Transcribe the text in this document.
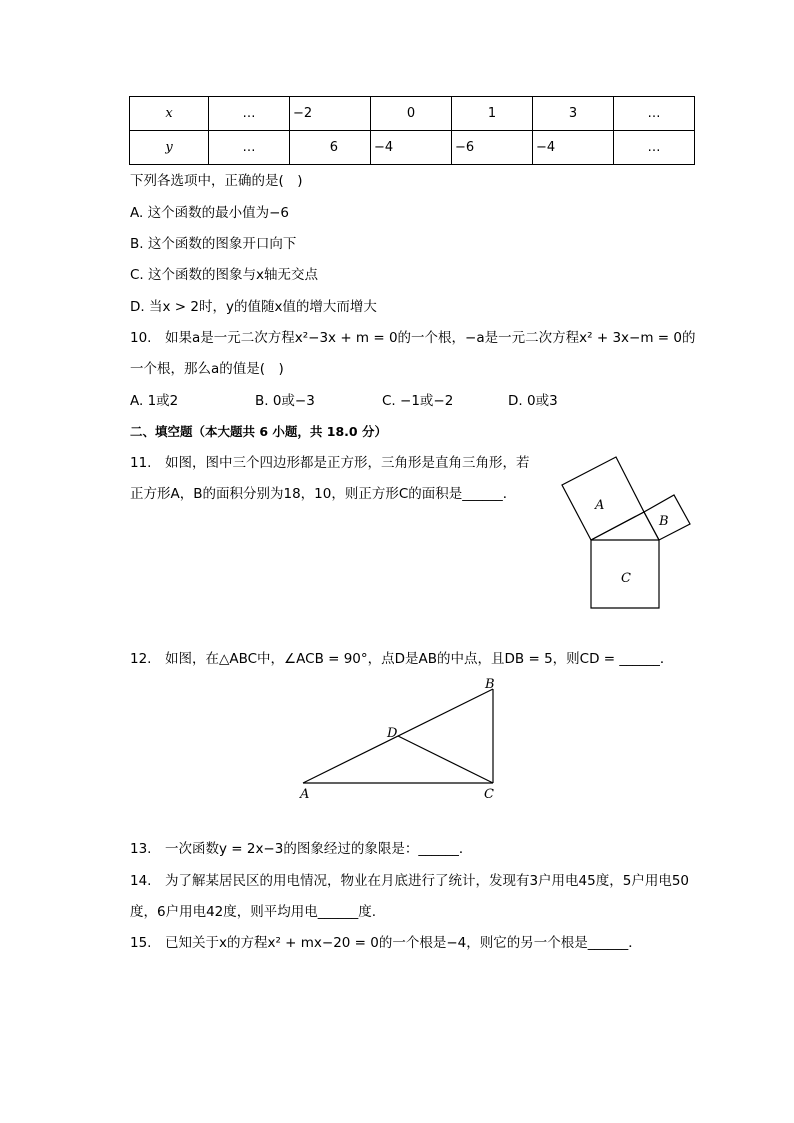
x	…	−2	0	1	3	…
y	…	6	−4	−6	−4	…
下列各选项中，正确的是(　)
A. 这个函数的最小值为−6
B. 这个函数的图象开口向下
C. 这个函数的图象与x轴无交点
D. 当x > 2时，y的值随x值的增大而增大
10.　如果a是一元二次方程x²−3x + m = 0的一个根，−a是一元二次方程x² + 3x−m = 0的
一个根，那么a的值是(　)
A. 1或2	B. 0或−3	C. −1或−2	D. 0或3
二、填空题（本大题共 6 小题，共 18.0 分）
11.　如图，图中三个四边形都是正方形，三角形是直角三角形，若
正方形A，B的面积分别为18，10，则正方形C的面积是______．
A
B
C
12.　如图，在△ABC中，∠ACB = 90°，点D是AB的中点，且DB = 5，则CD = ______．
A
B
C
D
13.　一次函数y = 2x−3的图象经过的象限是：______．
14.　为了解某居民区的用电情况，物业在月底进行了统计，发现有3户用电45度，5户用电50
度，6户用电42度，则平均用电______度.
15.　已知关于x的方程x² + mx−20 = 0的一个根是−4，则它的另一个根是______．
